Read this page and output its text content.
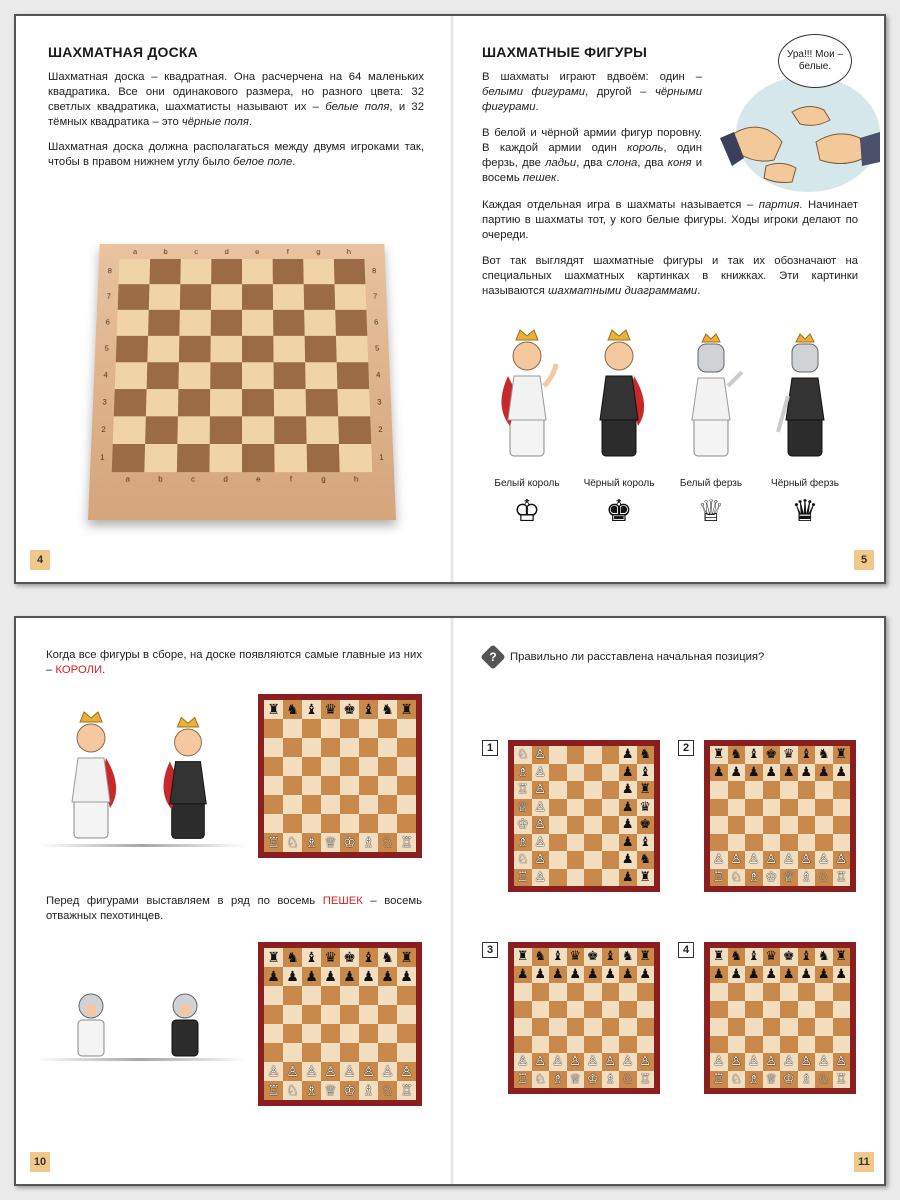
ШАХМАТНАЯ ДОСКА
Шахматная доска – квадратная. Она расчерчена на 64 маленьких квадратика. Все они одинакового размера, но разного цвета: 32 светлых квадратика, шахматисты называют их – белые поля, и 32 тёмных квадратика – это чёрные поля.
Шахматная доска должна располагаться между двумя игроками так, чтобы в правом нижнем углу было белое поле.
a
a
b
b
c
c
d
d
e
e
f
f
g
g
h
h
8	8
7	7
6	6
5	5
4	4
3	3
2	2
1	1
4
ШАХМАТНЫЕ ФИГУРЫ	Ура!!! Мои – белые.
В шахматы играют вдвоём: один – белыми фигурами, другой – чёрными фигурами.
В белой и чёрной армии фигур поровну. В каждой армии один король, один ферзь, две ладьи, два слона, два коня и восемь пешек.
Каждая отдельная игра в шахматы называется – партия. Начинает партию в шахматы тот, у кого белые фигуры. Ходы игроки делают по очереди.
Вот так выглядят шахматные фигуры и так их обозначают на специальных шахматных картинках в книжках. Эти картинки называются шахматными диаграммами.
Белый король
♔
Чёрный король
♚
Белый ферзь
♕
Чёрный ферзь
♛
5
Когда все фигуры в сборе, на доске появляются самые главные из них – КОРОЛИ.
♜ ♞ ♝ ♛ ♚ ♝ ♞ ♜
♖ ♘ ♗ ♕ ♔ ♗ ♘ ♖
Перед фигурами выставляем в ряд по восемь ПЕШЕК – восемь отважных пехотинцев.
♜ ♞ ♝ ♛ ♚ ♝ ♞ ♜
♟ ♟ ♟ ♟ ♟ ♟ ♟ ♟
♙ ♙ ♙ ♙ ♙ ♙ ♙ ♙
♖ ♘ ♗ ♕ ♔ ♗ ♘ ♖
10
?	Правильно ли расставлена начальная позиция?
1	♘ ♙	♟ ♞
♗ ♙	♟ ♝
♖ ♙	♟ ♜
♕ ♙	♟ ♛
♔ ♙	♟ ♚
♗ ♙	♟ ♝
♘ ♙	♟ ♞
♖ ♙	♟ ♜
2	♜ ♞ ♝ ♚ ♛ ♝ ♞ ♜
♟ ♟ ♟ ♟ ♟ ♟ ♟ ♟
♙ ♙ ♙ ♙ ♙ ♙ ♙ ♙
♖ ♘ ♗ ♔ ♕ ♗ ♘ ♖
3	♜ ♞ ♝ ♛ ♚ ♝ ♞ ♜
♟ ♟ ♟ ♟ ♟ ♟ ♟ ♟
♙ ♙ ♙ ♙ ♙ ♙ ♙ ♙
♖ ♘ ♗ ♕ ♔ ♗ ♘ ♖
4	♜ ♞ ♝ ♛ ♚ ♝ ♞ ♜
♟ ♟ ♟ ♟ ♟ ♟ ♟ ♟
♙ ♙ ♙ ♙ ♙ ♙ ♙ ♙
♖ ♘ ♗ ♕ ♔ ♗ ♘ ♖
11
